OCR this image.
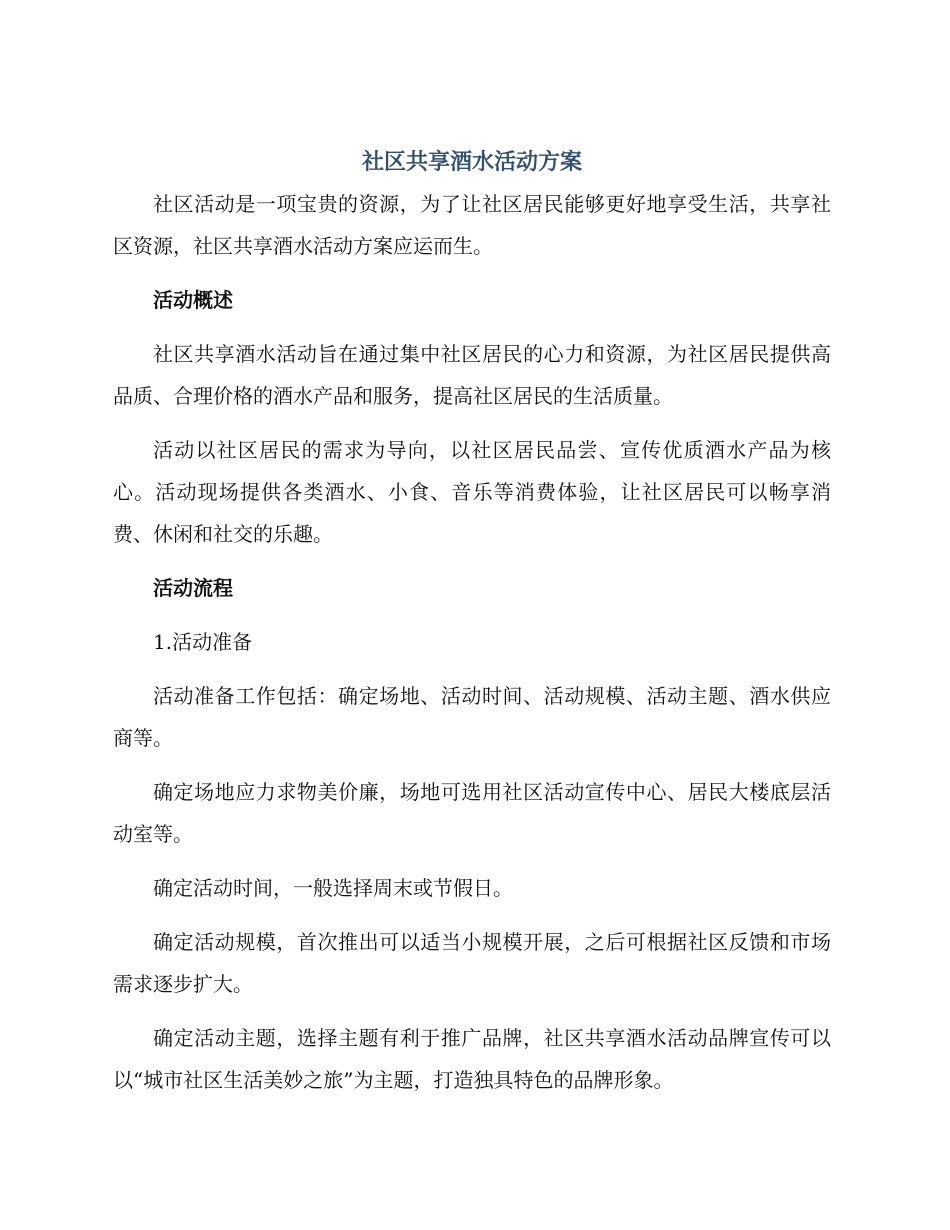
社区共享酒水活动方案

社区活动是一项宝贵的资源，为了让社区居民能够更好地享受生活，共享社区资源，社区共享酒水活动方案应运而生。

活动概述

社区共享酒水活动旨在通过集中社区居民的心力和资源，为社区居民提供高品质、合理价格的酒水产品和服务，提高社区居民的生活质量。

活动以社区居民的需求为导向，以社区居民品尝、宣传优质酒水产品为核心。活动现场提供各类酒水、小食、音乐等消费体验，让社区居民可以畅享消费、休闲和社交的乐趣。

活动流程

1.活动准备

活动准备工作包括：确定场地、活动时间、活动规模、活动主题、酒水供应商等。

确定场地应力求物美价廉，场地可选用社区活动宣传中心、居民大楼底层活动室等。

确定活动时间，一般选择周末或节假日。

确定活动规模，首次推出可以适当小规模开展，之后可根据社区反馈和市场需求逐步扩大。

确定活动主题，选择主题有利于推广品牌，社区共享酒水活动品牌宣传可以以“城市社区生活美妙之旅”为主题，打造独具特色的品牌形象。
